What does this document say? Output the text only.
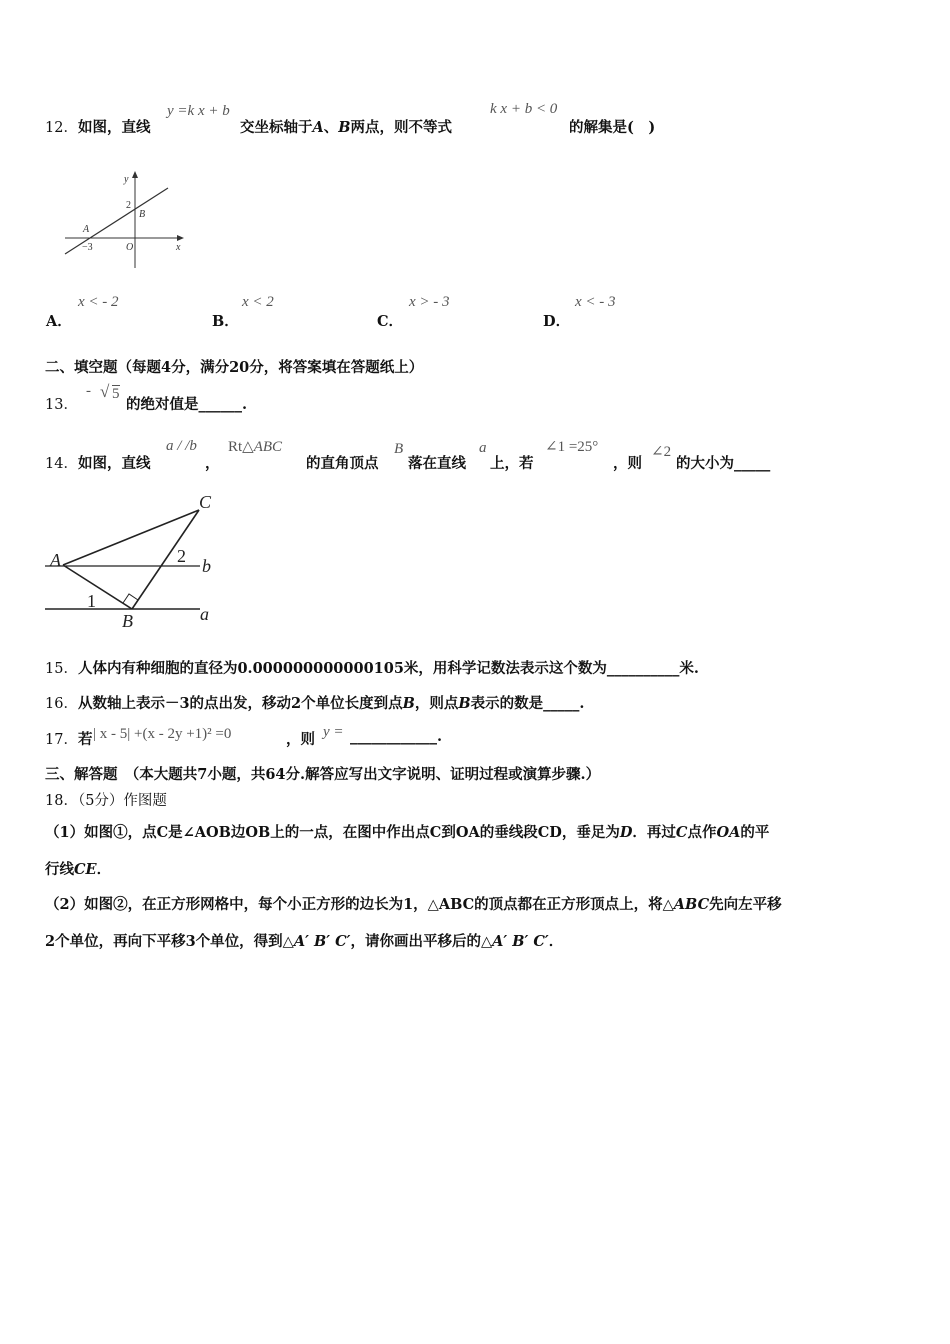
12．如图，直线
y =k x + b
交坐标轴于A、B两点，则不等式
k x + b < 0
的解集是(　)
y
x
2
B
A
−3	O
A．
x < - 2
B．
x < 2
C．
x > - 3
D．
x < - 3
二、填空题（每题4分，满分20分，将答案填在答题纸上）
13．
- √ 5
的绝对值是______.
14．如图，直线
a / /b
，
Rt△ABC
的直角顶点
B
落在直线
a
上，若
∠1 =25°
，则
∠2
的大小为_____
C
A	2 b
1
B	a
15．人体内有种细胞的直径为0.000000000000105米，用科学记数法表示这个数为__________米.
16．从数轴上表示－3的点出发，移动2个单位长度到点B，则点B表示的数是_____.
17．若 | x - 5| +(x - 2y +1)² =0	，则 y = ____________.
三、解答题　（本大题共7小题，共64分.解答应写出文字说明、证明过程或演算步骤.）
18．（5分）作图题
（1）如图①，点C是∠AOB边OB上的一点，在图中作出点C到OA的垂线段CD，垂足为D．再过C点作OA的平
行线CE．
（2）如图②，在正方形网格中，每个小正方形的边长为1，△ABC的顶点都在正方形顶点上，将△ABC先向左平移
2个单位，再向下平移3个单位，得到△A′ B′ C′，请你画出平移后的△A′ B′ C′．
